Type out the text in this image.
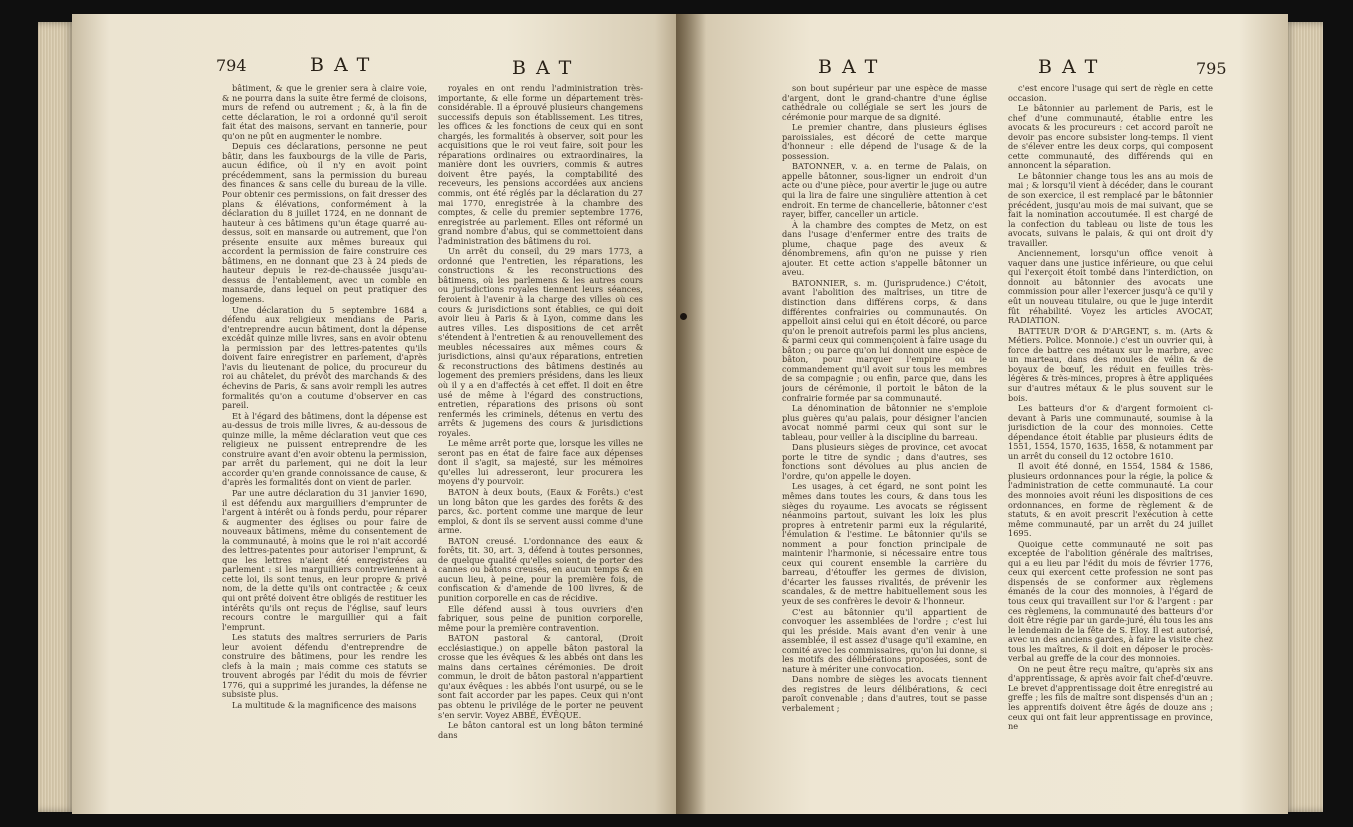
794	BAT	BAT

bâtiment, & que le grenier sera à claire voie, & ne pourra dans la suite être fermé de cloisons, murs de refend ou autrement ; &, à la fin de cette déclaration, le roi a ordonné qu'il seroit fait état des maisons, servant en tannerie, pour qu'on ne pût en augmenter le nombre.

Depuis ces déclarations, personne ne peut bâtir, dans les fauxbourgs de la ville de Paris, aucun édifice, où il n'y en avoit point précédemment, sans la permission du bureau des finances & sans celle du bureau de la ville. Pour obtenir ces permissions, on fait dresser des plans & élévations, conformément à la déclaration du 8 juillet 1724, en ne donnant de hauteur à ces bâtimens qu'un étage quarré au-dessus, soit en mansarde ou autrement, que l'on présente ensuite aux mêmes bureaux qui accordent la permission de faire construire ces bâtimens, en ne donnant que 23 à 24 pieds de hauteur depuis le rez-de-chaussée jusqu'au-dessus de l'entablement, avec un comble en mansarde, dans lequel on peut pratiquer des logemens.

Une déclaration du 5 septembre 1684 a défendu aux religieux mendians de Paris, d'entreprendre aucun bâtiment, dont la dépense excédât quinze mille livres, sans en avoir obtenu la permission par des lettres-patentes qu'ils doivent faire enregistrer en parlement, d'après l'avis du lieutenant de police, du procureur du roi au châtelet, du prévôt des marchands & des échevins de Paris, & sans avoir rempli les autres formalités qu'on a coutume d'observer en cas pareil.

Et à l'égard des bâtimens, dont la dépense est au-dessus de trois mille livres, & au-dessous de quinze mille, la même déclaration veut que ces religieux ne puissent entreprendre de les construire avant d'en avoir obtenu la permission, par arrêt du parlement, qui ne doit la leur accorder qu'en grande connoissance de cause, & d'après les formalités dont on vient de parler.

Par une autre déclaration du 31 janvier 1690, il est défendu aux marguilliers d'emprunter de l'argent à intérêt ou à fonds perdu, pour réparer & augmenter des églises ou pour faire de nouveaux bâtimens, même du consentement de la communauté, à moins que le roi n'ait accordé des lettres-patentes pour autoriser l'emprunt, & que les lettres n'aient été enregistrées au parlement : si les marguilliers contreviennent à cette loi, ils sont tenus, en leur propre & privé nom, de la dette qu'ils ont contractée ; & ceux qui ont prêté doivent être obligés de restituer les intérêts qu'ils ont reçus de l'église, sauf leurs recours contre le marguillier qui a fait l'emprunt.

Les statuts des maîtres serruriers de Paris leur avoient défendu d'entreprendre de construire des bâtimens, pour les rendre les clefs à la main ; mais comme ces statuts se trouvent abrogés par l'édit du mois de février 1776, qui a supprimé les jurandes, la défense ne subsiste plus.

La multitude & la magnificence des maisons

royales en ont rendu l'administration très-importante, & elle forme un département très-considérable. Il a éprouvé plusieurs changemens successifs depuis son établissement. Les titres, les offices & les fonctions de ceux qui en sont chargés, les formalités à observer, soit pour les acquisitions que le roi veut faire, soit pour les réparations ordinaires ou extraordinaires, la manière dont les ouvriers, commis & autres doivent être payés, la comptabilité des receveurs, les pensions accordées aux anciens commis, ont été réglés par la déclaration du 27 mai 1770, enregistrée à la chambre des comptes, & celle du premier septembre 1776, enregistrée au parlement. Elles ont réformé un grand nombre d'abus, qui se commettoient dans l'administration des bâtimens du roi.

Un arrêt du conseil, du 29 mars 1773, a ordonné que l'entretien, les réparations, les constructions & les reconstructions des bâtimens, où les parlemens & les autres cours ou jurisdictions royales tiennent leurs séances, feroient à l'avenir à la charge des villes où ces cours & jurisdictions sont établies, ce qui doit avoir lieu à Paris & à Lyon, comme dans les autres villes. Les dispositions de cet arrêt s'étendent à l'entretien & au renouvellement des meubles nécessaires aux mêmes cours & jurisdictions, ainsi qu'aux réparations, entretien & reconstructions des bâtimens destinés au logement des premiers présidens, dans les lieux où il y a en d'affectés à cet effet. Il doit en être usé de même à l'égard des constructions, entretien, réparations des prisons où sont renfermés les criminels, détenus en vertu des arrêts & jugemens des cours & jurisdictions royales.

Le même arrêt porte que, lorsque les villes ne seront pas en état de faire face aux dépenses dont il s'agit, sa majesté, sur les mémoires qu'elles lui adresseront, leur procurera les moyens d'y pourvoir.

BATON à deux bouts, (Eaux & Forêts.) c'est un long bâton que les gardes des forêts & des parcs, &c. portent comme une marque de leur emploi, & dont ils se servent aussi comme d'une arme.

BATON creusé. L'ordonnance des eaux & forêts, tit. 30, art. 3, défend à toutes personnes, de quelque qualité qu'elles soient, de porter des cannes ou bâtons creusés, en aucun temps & en aucun lieu, à peine, pour la première fois, de confiscation & d'amende de 100 livres, & de punition corporelle en cas de récidive.

Elle défend aussi à tous ouvriers d'en fabriquer, sous peine de punition corporelle, même pour la première contravention.

BATON pastoral & cantoral, (Droit ecclésiastique.) on appelle bâton pastoral la crosse que les évêques & les abbés ont dans les mains dans certaines cérémonies. De droit commun, le droit de bâton pastoral n'appartient qu'aux évêques : les abbés l'ont usurpé, ou se le sont fait accorder par les papes. Ceux qui n'ont pas obtenu le privilége de le porter ne peuvent s'en servir. Voyez ABBÉ, ÉVÊQUE.

Le bâton cantoral est un long bâton terminé dans

BAT	BAT	795

son bout supérieur par une espèce de masse d'argent, dont le grand-chantre d'une église cathédrale ou collégiale se sert les jours de cérémonie pour marque de sa dignité.

Le premier chantre, dans plusieurs églises paroissiales, est décoré de cette marque d'honneur : elle dépend de l'usage & de la possession.

BATONNER, v. a. en terme de Palais, on appelle bâtonner, sous-ligner un endroit d'un acte ou d'une pièce, pour avertir le juge ou autre qui la lira de faire une singulière attention à cet endroit. En terme de chancellerie, bâtonner c'est rayer, biffer, canceller un article.

À la chambre des comptes de Metz, on est dans l'usage d'enfermer entre des traits de plume, chaque page des aveux & dénombremens, afin qu'on ne puisse y rien ajouter. Et cette action s'appelle bâtonner un aveu.

BATONNIER, s. m. (Jurisprudence.) C'étoit, avant l'abolition des maîtrises, un titre de distinction dans différens corps, & dans différentes confrairies ou communautés. On appelloit ainsi celui qui en étoit décoré, ou parce qu'on le prenoit autrefois parmi les plus anciens, & parmi ceux qui commençoient à faire usage du bâton ; ou parce qu'on lui donnoit une espèce de bâton, pour marquer l'empire ou le commandement qu'il avoit sur tous les membres de sa compagnie ; ou enfin, parce que, dans les jours de cérémonie, il portoit le bâton de la confrairie formée par sa communauté.

La dénomination de bâtonnier ne s'emploie plus guères qu'au palais, pour désigner l'ancien avocat nommé parmi ceux qui sont sur le tableau, pour veiller à la discipline du barreau.

Dans plusieurs sièges de province, cet avocat porte le titre de syndic ; dans d'autres, ses fonctions sont dévolues au plus ancien de l'ordre, qu'on appelle le doyen.

Les usages, à cet égard, ne sont point les mêmes dans toutes les cours, & dans tous les sièges du royaume. Les avocats se régissent néanmoins partout, suivant les loix les plus propres à entretenir parmi eux la régularité, l'émulation & l'estime. Le bâtonnier qu'ils se nomment a pour fonction principale de maintenir l'harmonie, si nécessaire entre tous ceux qui courent ensemble la carrière du barreau, d'étouffer les germes de division, d'écarter les fausses rivalités, de prévenir les scandales, & de mettre habituellement sous les yeux de ses confrères le devoir & l'honneur.

C'est au bâtonnier qu'il appartient de convoquer les assemblées de l'ordre ; c'est lui qui les préside. Mais avant d'en venir à une assemblée, il est assez d'usage qu'il examine, en comité avec les commissaires, qu'on lui donne, si les motifs des délibérations proposées, sont de nature à mériter une convocation.

Dans nombre de sièges les avocats tiennent des registres de leurs délibérations, & ceci paroît convenable ; dans d'autres, tout se passe verbalement ;

c'est encore l'usage qui sert de règle en cette occasion.

Le bâtonnier au parlement de Paris, est le chef d'une communauté, établie entre les avocats & les procureurs : cet accord paroît ne devoir pas encore subsister long-temps. Il vient de s'élever entre les deux corps, qui composent cette communauté, des différends qui en annoncent la séparation.

Le bâtonnier change tous les ans au mois de mai ; & lorsqu'il vient à décéder, dans le courant de son exercice, il est remplacé par le bâtonnier précédent, jusqu'au mois de mai suivant, que se fait la nomination accoutumée. Il est chargé de la confection du tableau ou liste de tous les avocats, suivans le palais, & qui ont droit d'y travailler.

Anciennement, lorsqu'un office venoit à vaquer dans une justice inférieure, ou que celui qui l'exerçoit étoit tombé dans l'interdiction, on donnoit au bâtonnier des avocats une commission pour aller l'exercer jusqu'à ce qu'il y eût un nouveau titulaire, ou que le juge interdit fût réhabilité. Voyez les articles AVOCAT, RADIATION.

BATTEUR D'OR & D'ARGENT, s. m. (Arts & Métiers. Police. Monnoie.) c'est un ouvrier qui, à force de battre ces métaux sur le marbre, avec un marteau, dans des moules de vélin & de boyaux de bœuf, les réduit en feuilles très-légères & très-minces, propres à être appliquées sur d'autres métaux & le plus souvent sur le bois.

Les batteurs d'or & d'argent formoient ci-devant à Paris une communauté, soumise à la jurisdiction de la cour des monnoies. Cette dépendance étoit établie par plusieurs édits de 1551, 1554, 1570, 1635, 1658, & notamment par un arrêt du conseil du 12 octobre 1610.

Il avoit été donné, en 1554, 1584 & 1586, plusieurs ordonnances pour la régie, la police & l'administration de cette communauté. La cour des monnoies avoit réuni les dispositions de ces ordonnances, en forme de règlement & de statuts, & en avoit prescrit l'exécution à cette même communauté, par un arrêt du 24 juillet 1695.

Quoique cette communauté ne soit pas exceptée de l'abolition générale des maîtrises, qui a eu lieu par l'édit du mois de février 1776, ceux qui exercent cette profession ne sont pas dispensés de se conformer aux règlemens émanés de la cour des monnoies, à l'égard de tous ceux qui travaillent sur l'or & l'argent : par ces règlemens, la communauté des batteurs d'or doit être régie par un garde-juré, élu tous les ans le lendemain de la fête de S. Eloy. Il est autorisé, avec un des anciens gardes, à faire la visite chez tous les maîtres, & il doit en déposer le procès-verbal au greffe de la cour des monnoies.

On ne peut être reçu maître, qu'après six ans d'apprentissage, & après avoir fait chef-d'œuvre. Le brevet d'apprentissage doit être enregistré au greffe ; les fils de maître sont dispensés d'un an ; les apprentifs doivent être âgés de douze ans ; ceux qui ont fait leur apprentissage en province, ne
